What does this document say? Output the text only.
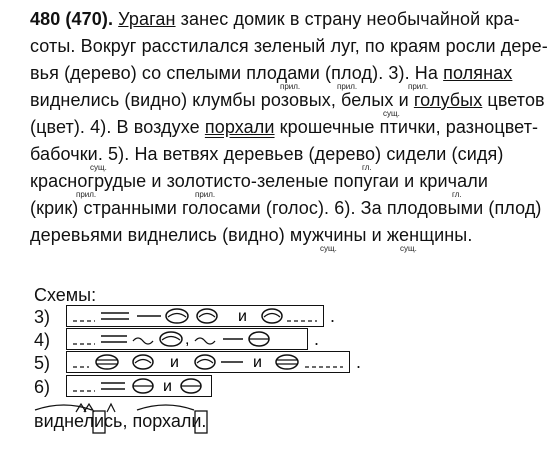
480 (470). Ураган занес домик в страну необычайной кра-
соты. Вокруг расстилался зеленый луг, по краям росли дере-
вья (дерево) со спелыми плодами (плод). 3). На полянах
виднелись (видно) клумбы розовых, белых и голубых цветов
(цвет). 4). В воздухе порхали крошечные птички, разноцвет-
бабочки. 5). На ветвях деревьев (дерево) сидели (сидя)
красногрудые и золотисто-зеленые попугаи и кричали
(крик) странными голосами (голос). 6). За плодовыми (плод)
деревьями виднелись (видно) мужчины и женщины.
прил.	прил.	прил.
сущ.
сущ.	гл.
прил.	прил.	гл.
сущ.	сущ.
Схемы:
3)	и	.
4)	,	.
5)	и	и	.
6)	и
виднелись, порхали.
